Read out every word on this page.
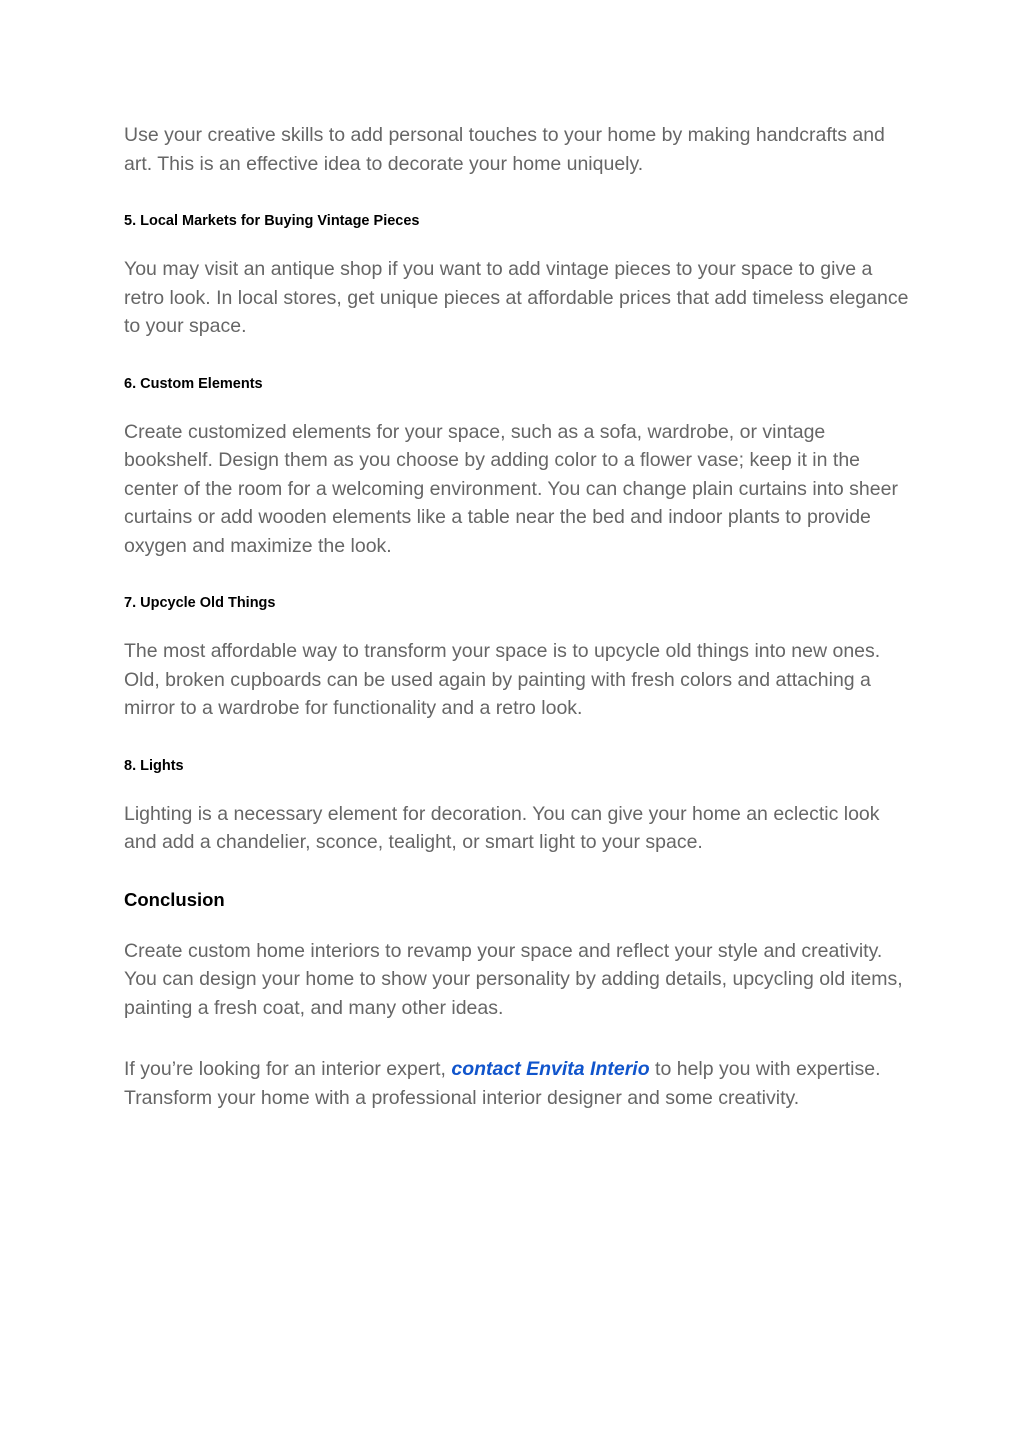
Use your creative skills to add personal touches to your home by making handcrafts and art. This is an effective idea to decorate your home uniquely.

5. Local Markets for Buying Vintage Pieces

You may visit an antique shop if you want to add vintage pieces to your space to give a retro look. In local stores, get unique pieces at affordable prices that add timeless elegance to your space.

6. Custom Elements

Create customized elements for your space, such as a sofa, wardrobe, or vintage bookshelf. Design them as you choose by adding color to a flower vase; keep it in the center of the room for a welcoming environment. You can change plain curtains into sheer curtains or add wooden elements like a table near the bed and indoor plants to provide oxygen and maximize the look.

7. Upcycle Old Things

The most affordable way to transform your space is to upcycle old things into new ones. Old, broken cupboards can be used again by painting with fresh colors and attaching a mirror to a wardrobe for functionality and a retro look.

8. Lights

Lighting is a necessary element for decoration. You can give your home an eclectic look and add a chandelier, sconce, tealight, or smart light to your space.

Conclusion

Create custom home interiors to revamp your space and reflect your style and creativity. You can design your home to show your personality by adding details, upcycling old items, painting a fresh coat, and many other ideas.

If you’re looking for an interior expert, contact Envita Interio to help you with expertise. Transform your home with a professional interior designer and some creativity.
